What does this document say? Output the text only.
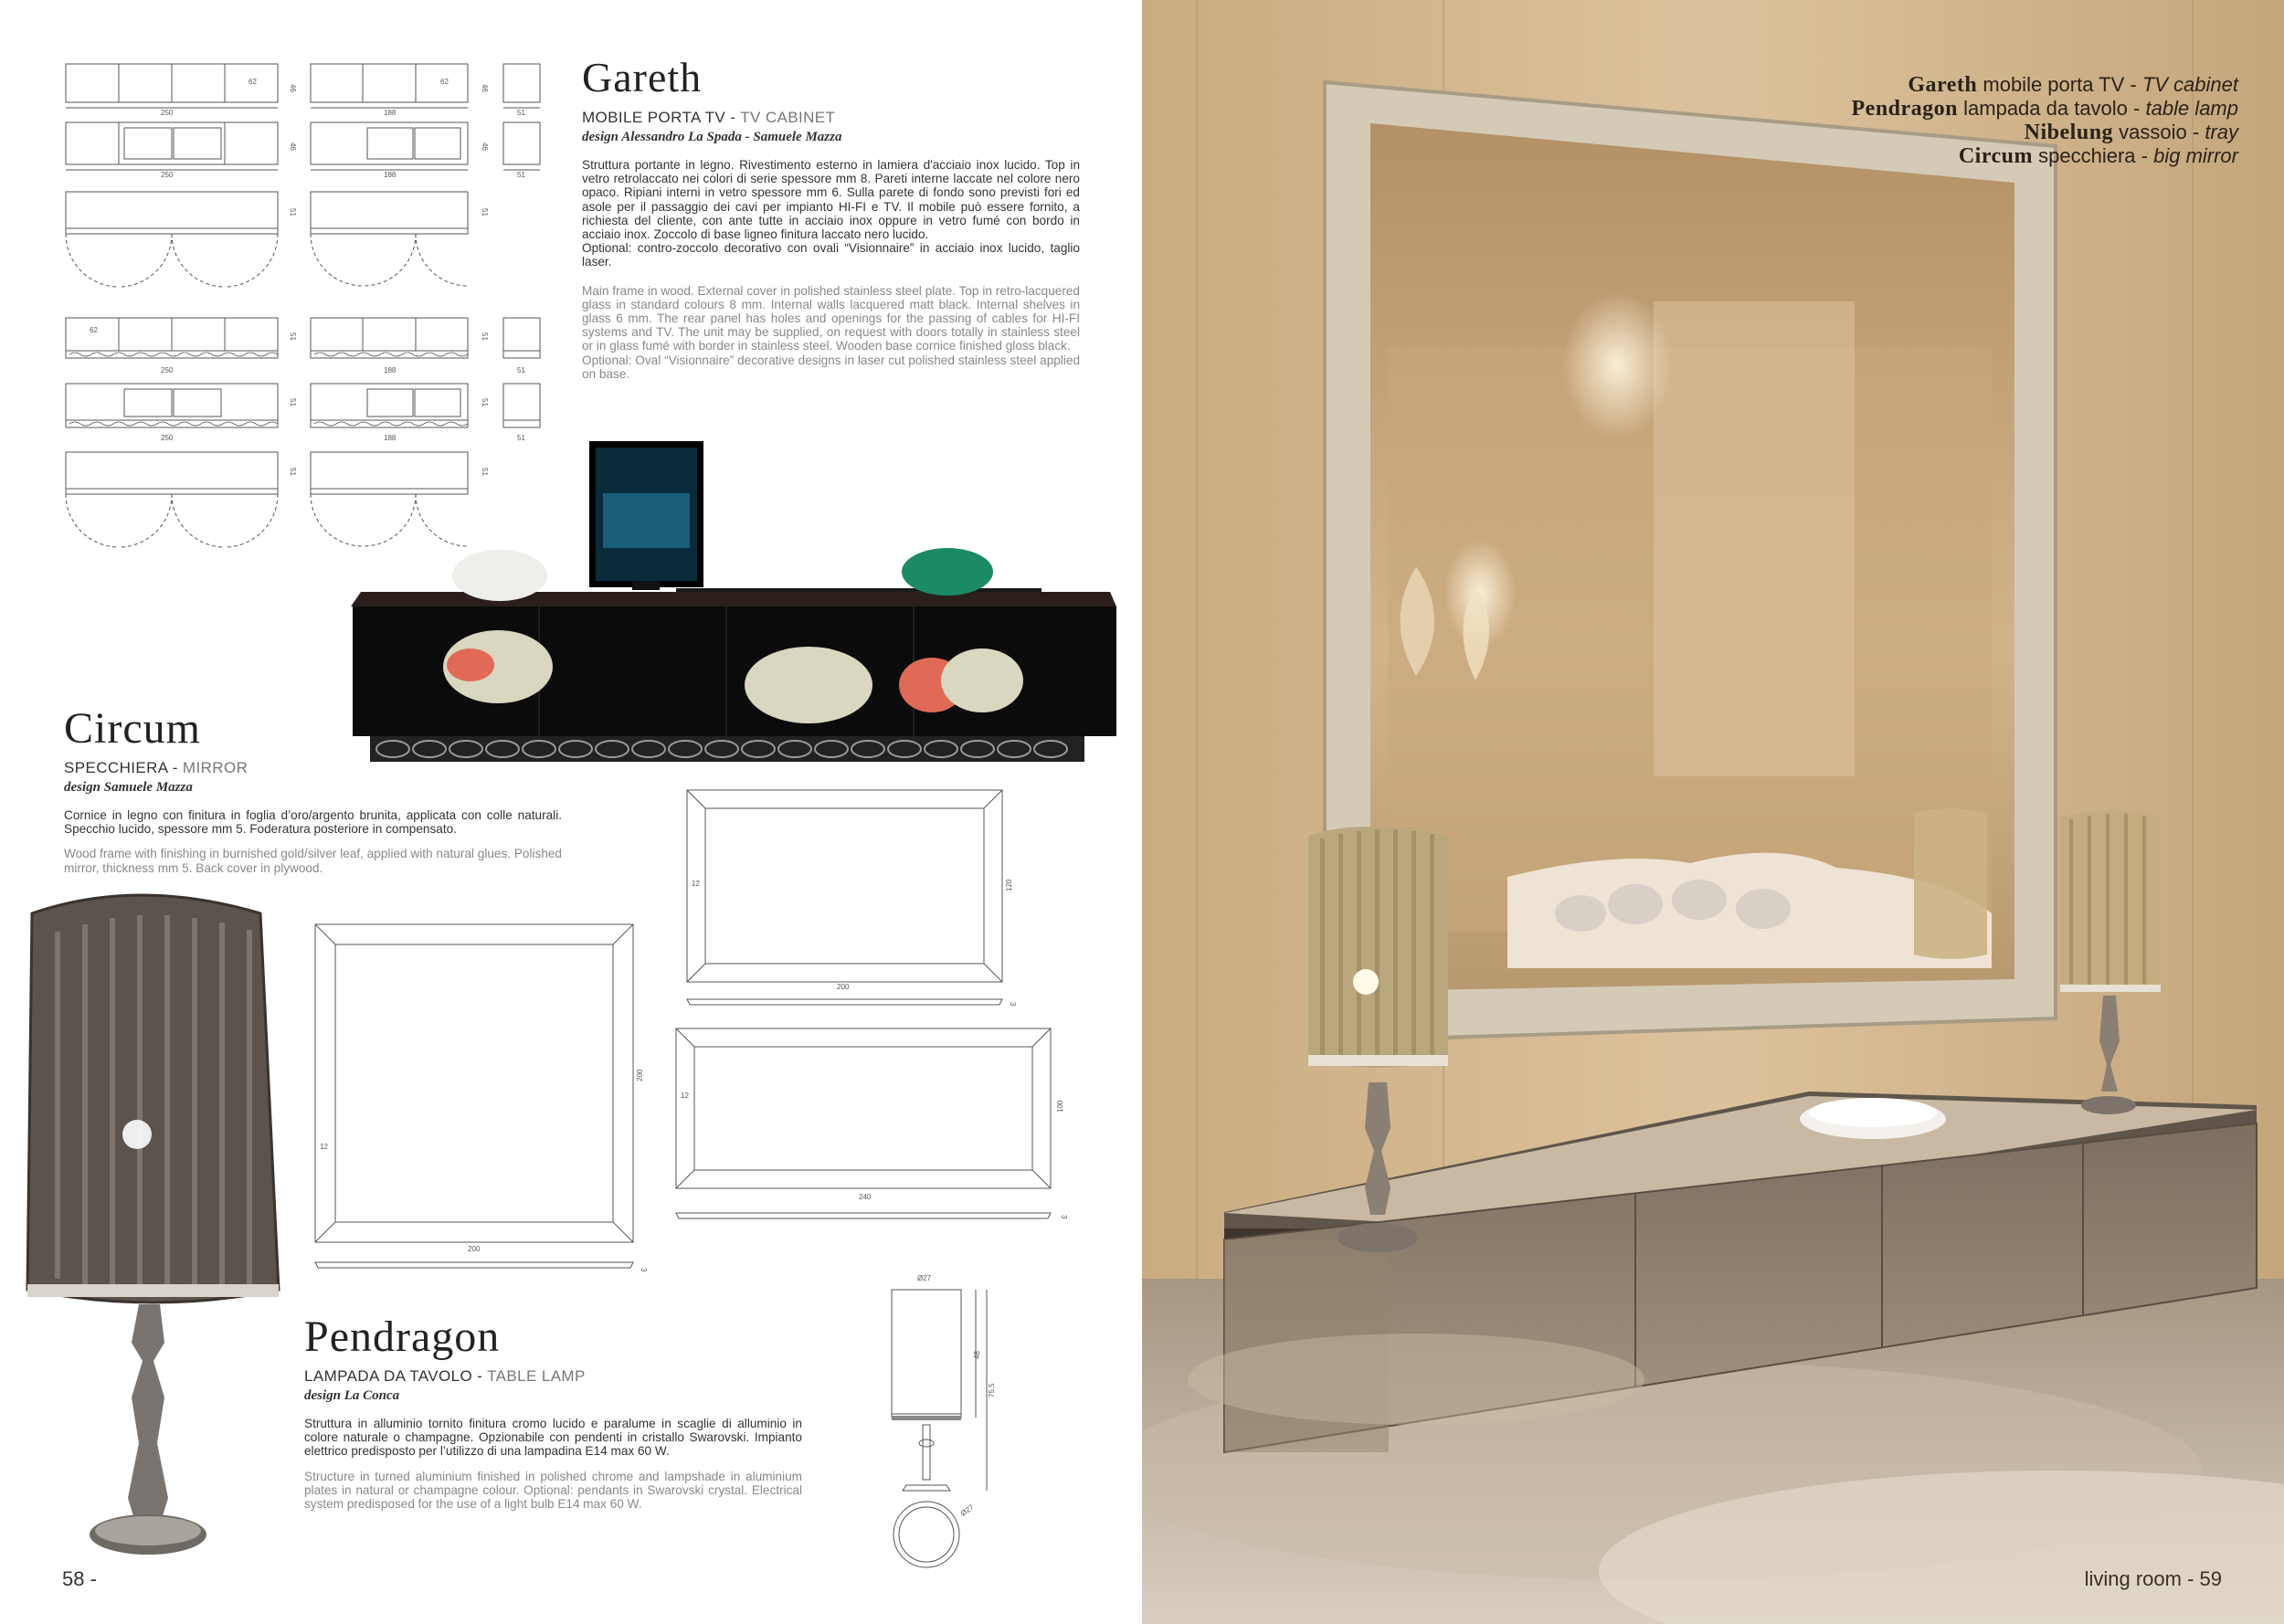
250	188	51
62	62
250	188	51
62
250	188	51
250	188	51
46	46
46	46
51	51
51	51
51	51
51	51
200
12
200
3
200
12	120
3
240
12
100
3
Ø27
48
75,5
Ø27
Gareth
MOBILE PORTA TV - TV CABINET
design Alessandro La Spada - Samuele Mazza
Struttura portante in legno. Rivestimento esterno in lamiera d'acciaio inox lucido. Top in vetro retrolaccato nei colori di serie spessore mm 8. Pareti interne laccate nel colore nero opaco. Ripiani interni in vetro spessore mm 6. Sulla parete di fondo sono previsti fori ed asole per il passaggio dei cavi per impianto HI-FI e TV. Il mobile può essere fornito, a richiesta del cliente, con ante tutte in acciaio inox oppure in vetro fumé con bordo in acciaio inox. Zoccolo di base ligneo finitura laccato nero lucido.
Optional: contro-zoccolo decorativo con ovali “Visionnaire” in acciaio inox lucido, taglio laser.
Main frame in wood. External cover in polished stainless steel plate. Top in retro-lacquered glass in standard colours 8 mm. Internal walls lacquered matt black. Internal shelves in glass 6 mm. The rear panel has holes and openings for the passing of cables for HI-FI systems and TV. The unit may be supplied, on request with doors totally in stainless steel or in glass fumé with border in stainless steel. Wooden base cornice finished gloss black.
Optional: Oval “Visionnaire” decorative designs in laser cut polished stainless steel applied on base.
Circum
SPECCHIERA - MIRROR
design Samuele Mazza
Cornice in legno con finitura in foglia d’oro/argento brunita, applicata con colle naturali. Specchio lucido, spessore mm 5. Foderatura posteriore in compensato.
Wood frame with finishing in burnished gold/silver leaf, applied with natural glues. Polished mirror, thickness mm 5. Back cover in plywood.
Pendragon
LAMPADA DA TAVOLO - TABLE LAMP
design La Conca
Struttura in alluminio tornito finitura cromo lucido e paralume in scaglie di alluminio in colore naturale o champagne. Opzionabile con pendenti in cristallo Swarovski. Impianto elettrico predisposto per l’utilizzo di una lampadina E14 max 60 W.
Structure in turned aluminium finished in polished chrome and lampshade in aluminium plates in natural or champagne colour. Optional: pendants in Swarovski crystal. Electrical system predisposed for the use of a light bulb E14 max 60 W.
58 -
Gareth mobile porta TV - TV cabinet
Pendragon lampada da tavolo - table lamp
Nibelung vassoio - tray
Circum specchiera - big mirror
living room - 59
